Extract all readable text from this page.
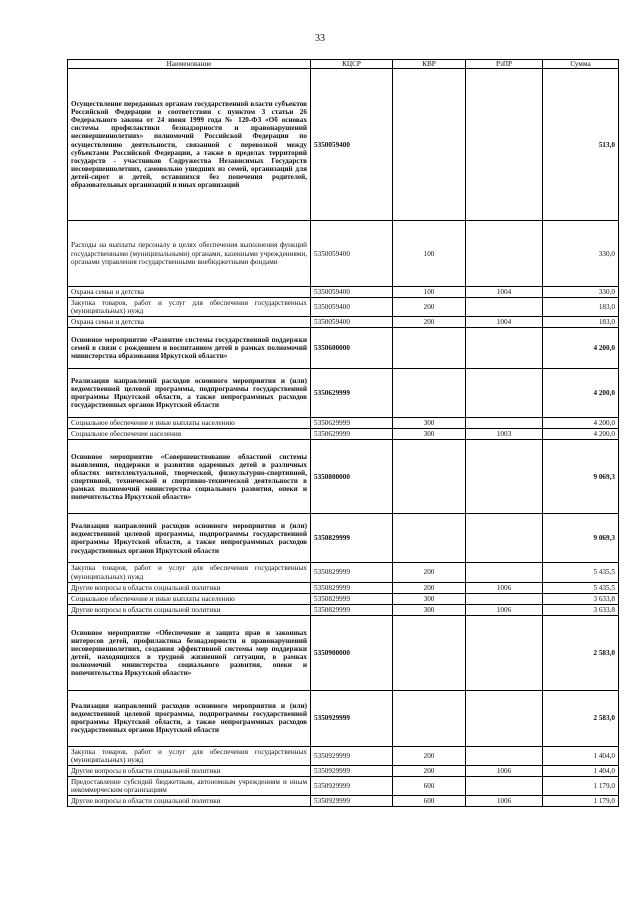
33
Наименование	КЦСР	КВР	РзПР	Сумма
Осуществление переданных органам государственной власти субъектов Российской Федерации в соответствии с пунктом 3 статьи 26 Федерального закона от 24 июня 1999 года № 120-ФЗ «Об основах системы профилактики безнадзорности и правонарушений несовершеннолетних» полномочий Российской Федерации по осуществлению деятельности, связанной с перевозкой между субъектами Российской Федерации, а также в пределах территорий государств - участников Содружества Независимых Государств несовершеннолетних, самовольно ушедших из семей, организаций для детей-сирот и детей, оставшихся без попечения родителей, образовательных организаций и иных организаций	5350059400			513,0
Расходы на выплаты персоналу в целях обеспечения выполнения функций государственными (муниципальными) органами, казенными учреждениями, органами управления государственными внебюджетными фондами	5350059400	100		330,0
Охрана семьи и детства	5350059400	100	1004	330,0
Закупка товаров, работ и услуг для обеспечения государственных (муниципальных) нужд	5350059400	200		183,0
Охрана семьи и детства	5350059400	200	1004	183,0
Основное мероприятие «Развитие системы государственной поддержки семей в связи с рождением и воспитанием детей в рамках полномочий министерства образования Иркутской области»	5350600000			4 200,0
Реализация направлений расходов основного мероприятия и (или) ведомственной целевой программы, подпрограммы государственной программы Иркутской области, а также непрограммных расходов государственных органов Иркутской области	5350629999			4 200,0
Социальное обеспечение и иные выплаты населению	5350629999	300		4 200,0
Социальное обеспечение населения	5350629999	300	1003	4 200,0
Основное мероприятие «Совершенствование областной системы выявления, поддержки и развития одаренных детей в различных областях интеллектуальной, творческой, физкультурно-спортивной, спортивной, технической и спортивно-технической деятельности в рамках полномочий министерства социального развития, опеки и попечительства Иркутской области»	5350800000			9 069,3
Реализация направлений расходов основного мероприятия и (или) ведомственной целевой программы, подпрограммы государственной программы Иркутской области, а также непрограммных расходов государственных органов Иркутской области	5350829999			9 069,3
Закупка товаров, работ и услуг для обеспечения государственных (муниципальных) нужд	5350829999	200		5 435,5
Другие вопросы в области социальной политики	5350829999	200	1006	5 435,5
Социальное обеспечение и иные выплаты населению	5350829999	300		3 633,8
Другие вопросы в области социальной политики	5350829999	300	1006	3 633,8
Основное мероприятие «Обеспечение и защита прав и законных интересов детей, профилактика безнадзорности и правонарушений несовершеннолетних, создания эффективной системы мер поддержки детей, находящихся в трудной жизненной ситуации, в рамках полномочий министерства социального развития, опеки и попечительства Иркутской области»	5350900000			2 583,0
Реализация направлений расходов основного мероприятия и (или) ведомственной целевой программы, подпрограммы государственной программы Иркутской области, а также непрограммных расходов государственных органов Иркутской области	5350929999			2 583,0
Закупка товаров, работ и услуг для обеспечения государственных (муниципальных) нужд	5350929999	200		1 404,0
Другие вопросы в области социальной политики	5350929999	200	1006	1 404,0
Предоставление субсидий бюджетным, автономным учреждениям и иным некоммерческим организациям	5350929999	600		1 179,0
Другие вопросы в области социальной политики	5350929999	600	1006	1 179,0
